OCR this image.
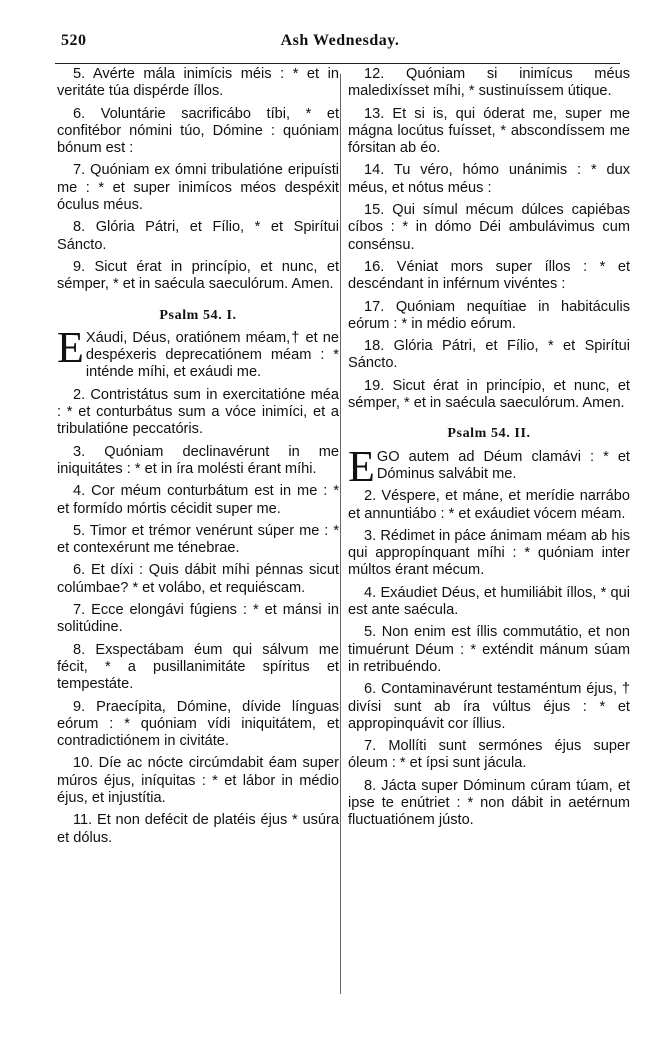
520	Ash Wednesday.

5. Avérte mála inimícis méis : * et in veritáte túa dispérde íllos.

6. Voluntárie sacrificábo tíbi, * et confitébor nómini túo, Dómine : quóniam bónum est :

7. Quóniam ex ómni tribulatióne eripuísti me : * et super inimícos méos despéxit óculus méus.

8. Glória Pátri, et Fílio, * et Spirítui Sáncto.

9. Sicut érat in princípio, et nunc, et sémper, * et in saécula saeculórum. Amen.

Psalm 54. I.

E Xáudi, Déus, oratiónem méam,† et ne despéxeris deprecatiónem méam : * inténde míhi, et exáudi me.

2. Contristátus sum in exercitatióne méa : * et conturbátus sum a vóce inimíci, et a tribulatióne peccatóris.

3. Quóniam declinavérunt in me iniquitátes : * et in íra molésti érant míhi.

4. Cor méum conturbátum est in me : * et formído mórtis cécidit super me.

5. Timor et trémor venérunt súper me : * et contexérunt me ténebrae.

6. Et díxi : Quis dábit míhi pénnas sicut colúmbae? * et volábo, et requiéscam.

7. Ecce elongávi fúgiens : * et mánsi in solitúdine.

8. Exspectábam éum qui sálvum me fécit, * a pusillanimitáte spíritus et tempestáte.

9. Praecípita, Dómine, dívide línguas eórum : * quóniam vídi iniquitátem, et contradictiónem in civitáte.

10. Díe ac nócte circúmdabit éam super múros éjus, iníquitas : * et lábor in médio éjus, et injustítia.

11. Et non defécit de platéis éjus * usúra et dólus.

12. Quóniam si inimícus méus maledixísset míhi, * sustinuíssem útique.

13. Et si is, qui óderat me, super me mágna locútus fuísset, * abscondíssem me fórsitan ab éo.

14. Tu véro, hómo unánimis : * dux méus, et nótus méus :

15. Qui símul mécum dúlces capiébas cíbos : * in dómo Déi ambulávimus cum consénsu.

16. Véniat mors super íllos : * et descéndant in inférnum vivéntes :

17. Quóniam nequítiae in habitáculis eórum : * in médio eórum.

18. Glória Pátri, et Fílio, * et Spirítui Sáncto.

19. Sicut érat in princípio, et nunc, et sémper, * et in saécula saeculórum. Amen.

Psalm 54. II.

E GO autem ad Déum clamávi : * et Dóminus salvábit me.

2. Véspere, et máne, et merídie narrábo et annuntiábo : * et exáudiet vócem méam.

3. Rédimet in páce ánimam méam ab his qui appropínquant míhi : * quóniam inter múltos érant mécum.

4. Exáudiet Déus, et humiliábit íllos, * qui est ante saécula.

5. Non enim est íllis commutátio, et non timuérunt Déum : * exténdit mánum súam in retribuéndo.

6. Contaminavérunt testaméntum éjus, † divísi sunt ab íra vúltus éjus : * et appropinquávit cor íllius.

7. Mollíti sunt sermónes éjus super óleum : * et ípsi sunt jácula.

8. Jácta super Dóminum cúram túam, et ipse te enútriet : * non dábit in aetérnum fluctuatiónem jústo.
